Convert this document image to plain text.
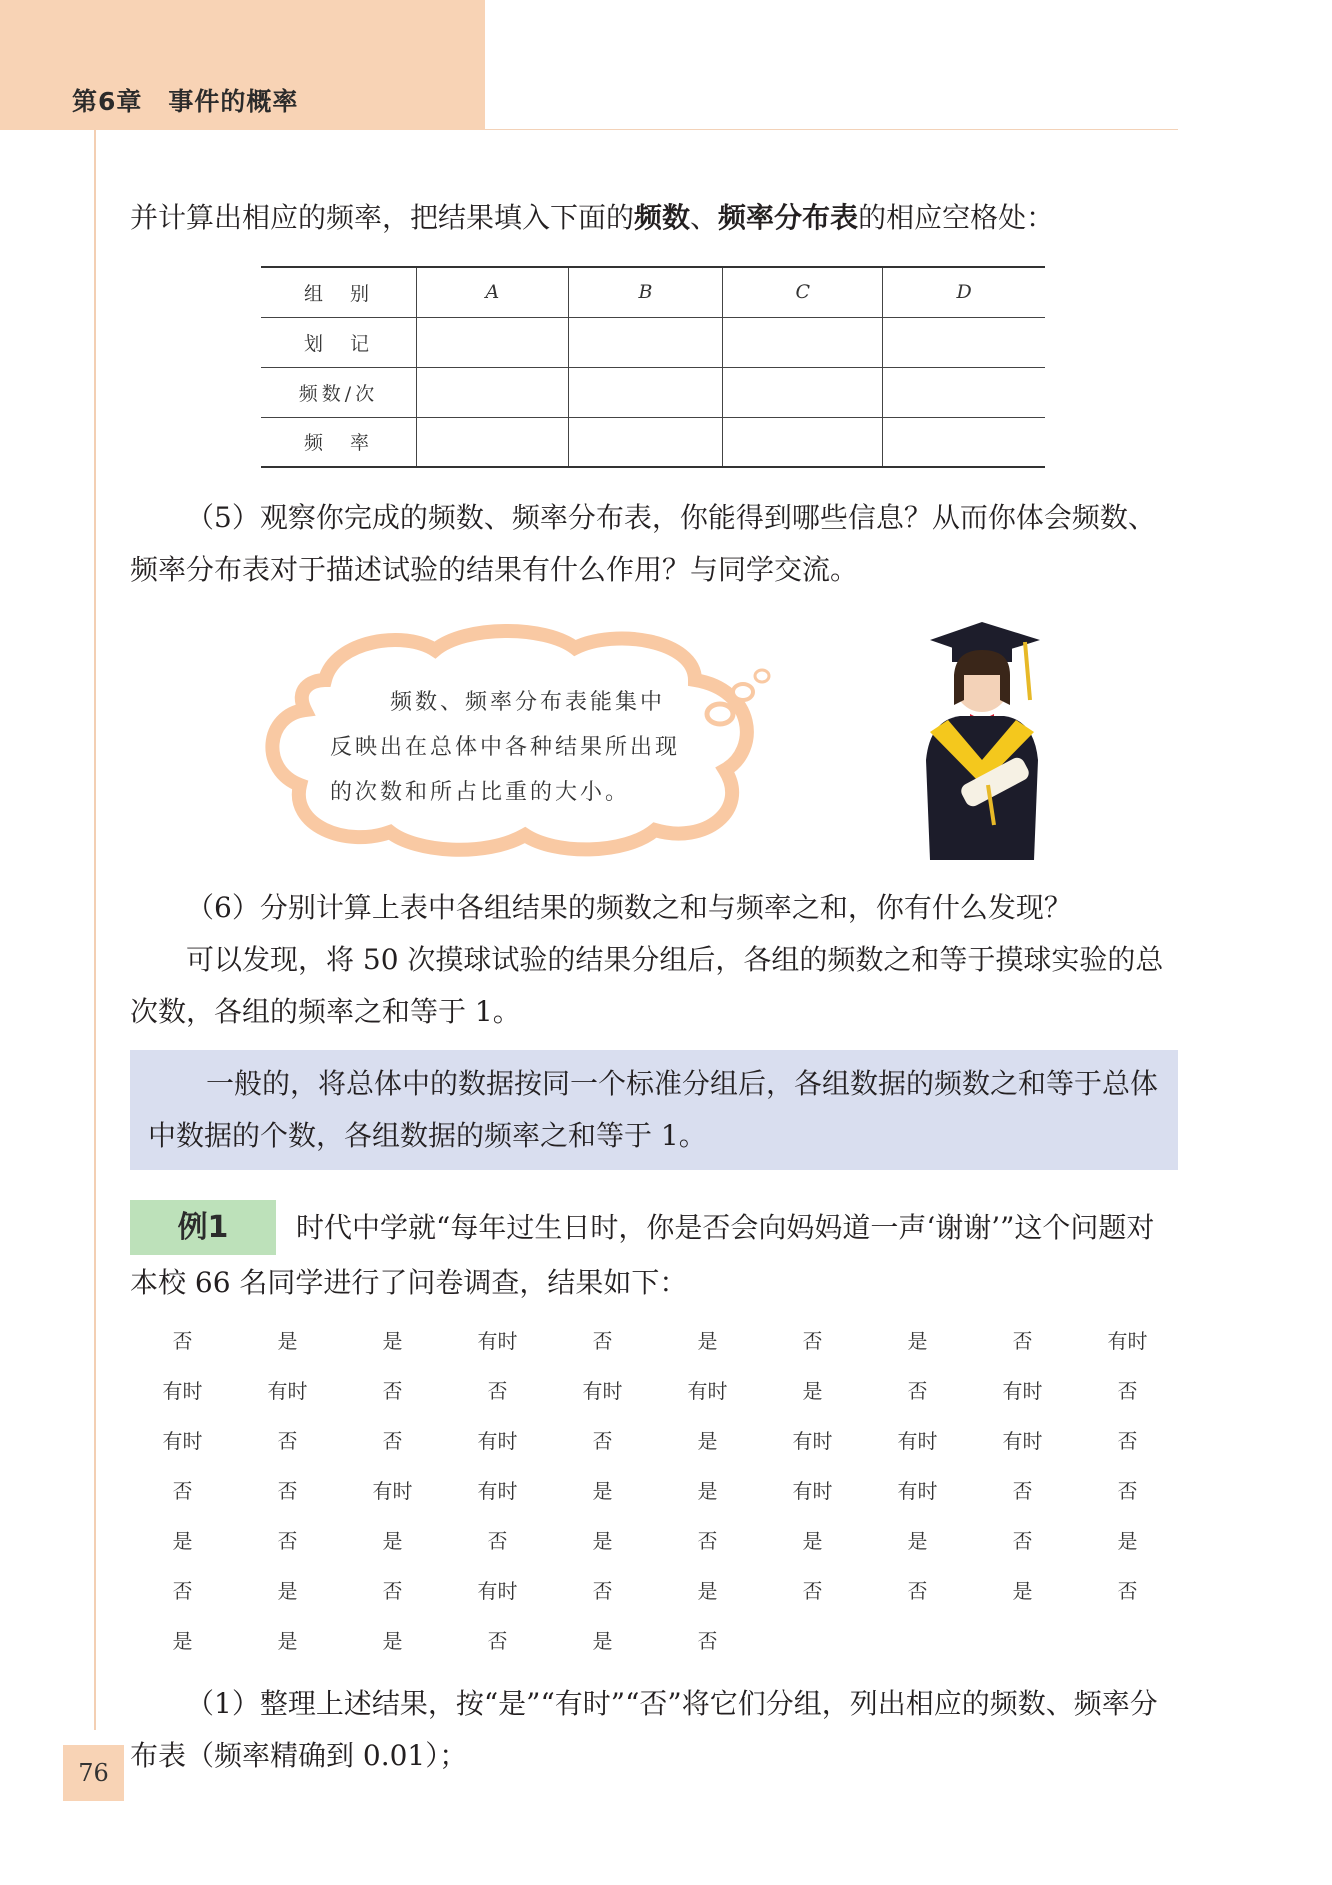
第6章　事件的概率

并计算出相应的频率，把结果填入下面的频数、频率分布表的相应空格处：

组　别	A	B	C	D
划　记				
频数/次				
频　率				

（5）观察你完成的频数、频率分布表，你能得到哪些信息？从而你体会频数、频率分布表对于描述试验的结果有什么作用？与同学交流。

频数、频率分布表能集中
反映出在总体中各种结果所出现
的次数和所占比重的大小。

（6）分别计算上表中各组结果的频数之和与频率之和，你有什么发现？

可以发现，将 50 次摸球试验的结果分组后，各组的频数之和等于摸球实验的总次数，各组的频率之和等于 1。

一般的，将总体中的数据按同一个标准分组后，各组数据的频数之和等于总体中数据的个数，各组数据的频率之和等于 1。

例1	时代中学就“每年过生日时，你是否会向妈妈道一声‘谢谢’”这个问题对本校 66 名同学进行了问卷调查，结果如下：

否	是	是	有时	否	是	否	是	否	有时
有时	有时	否	否	有时	有时	是	否	有时	否
有时	否	否	有时	否	是	有时	有时	有时	否
否	否	有时	有时	是	是	有时	有时	否	否
是	否	是	否	是	否	是	是	否	是
否	是	否	有时	否	是	否	否	是	否
是	是	是	否	是	否

（1）整理上述结果，按“是”“有时”“否”将它们分组，列出相应的频数、频率分布表（频率精确到 0.01）；

76
